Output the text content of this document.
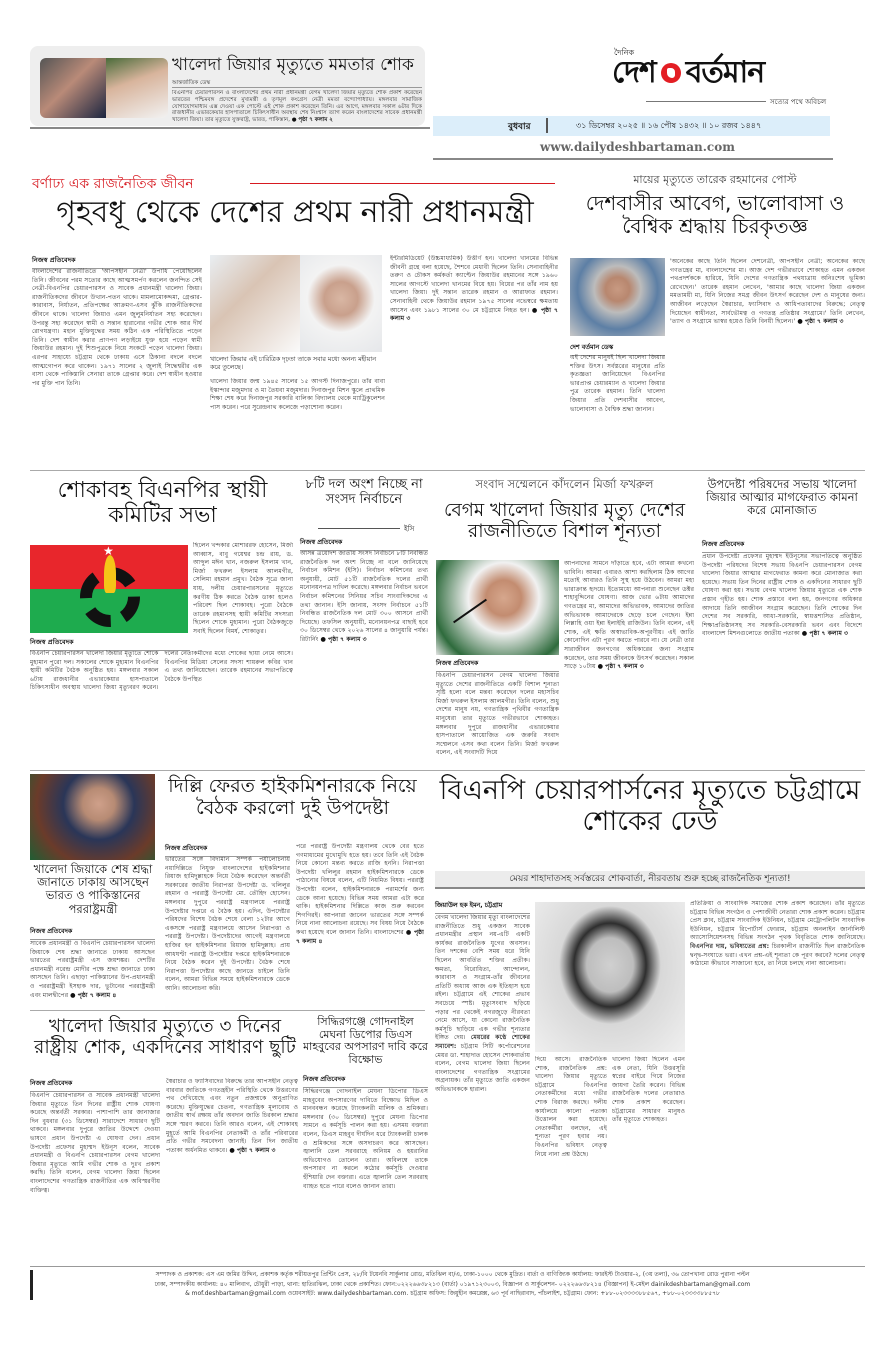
খালেদা জিয়ার মৃত্যুতে মমতার শোক
আন্তর্জাতিক ডেস্ক
বিএনপির চেয়ারপারসন ও বাংলাদেশের প্রথম নারী প্রধানমন্ত্রী বেগম খালেদা জিয়ার মৃত্যুতে শোক প্রকাশ করেছেন ভারতের পশ্চিমবঙ্গ প্রদেশের মুখ্যমন্ত্রী ও তৃণমূল কংগ্রেস নেত্রী মমতা বন্দ্যোপাধ্যায়। মঙ্গলবার সামাজিক যোগাযোগমাধ্যম এক্স দেওয়া এক পোস্টে এই শোক প্রকাশ করেছেন তিনি। এর আগে, মঙ্গলবার সকাল ৬টার দিকে রাজধানীর এভারকেয়ার হাসপাতালে চিকিৎসাধীন অবস্থায় শেষ নিঃশ্বাস ত্যাগ করেন বাংলাদেশের সাবেক প্রধানমন্ত্রী খালেদা জিয়া। তার মৃত্যুতে যুক্তরাষ্ট্র, ভারত, পাকিস্তান, ● পৃষ্ঠা ৭ কলাম ২
দৈনিক
দেশ বর্তমান
সত্যের পথে অবিচল
বুধবার	৩১ ডিসেম্বর ২০২৫ ॥ ১৬ পৌষ ১৪৩২ ॥ ১০ রজব ১৪৪৭
www.dailydeshbartaman.com
বর্ণাঢ্য এক রাজনৈতিক জীবন
গৃহবধূ থেকে দেশের প্রথম নারী প্রধানমন্ত্রী
নিজস্ব প্রতিবেদক
বাংলাদেশের রাজনীতিতে 'আপসহীন নেত্রী' উপাধি পেয়েছিলেন তিনি। জীবনের পরম সত্যের কাছে আত্মসমর্পণ করলেন জনন্দিত সেই নেত্রী-বিএনপির চেয়ারপারসন ও সাবেক প্রধানমন্ত্রী খালেদা জিয়া। রাজনীতিকদের জীবনে উত্থান-পতন থাকে। মামলামোকদ্দমা, গ্রেপ্তার-কারাবাস, নির্যাতন, প্রতিপক্ষের আক্রমণ-এসব ঝুঁকি রাজনীতিকদের জীবনে থাকে। খালেদা জিয়াও এমন জুলুমনির্যাতন সহ্য করেছেন। উপরন্তু সহ্য করেছেন স্বামী ও সন্তান হারানোর গভীর শোক আর দীর্ঘ রোগযন্ত্রণা। মহান মুক্তিযুদ্ধের সময় কঠিন এক পরিস্থিতিতে পড়েন তিনি। দেশ স্বাধীন করার প্রাণপণ লড়াইয়ে যুক্ত হয়ে পড়েন স্বামী জিয়াউর রহমান। দুই শিশুপুত্রকে নিয়ে সংকটে পড়েন খালেদা জিয়া। এরপর সাহায্যে চট্টগ্রাম থেকে ঢাকায় এসে ঠিকানা বদলে বদলে আত্মগোপন করে থাকেন। ১৯৭১ সালের ২ জুলাই সিদ্ধেশ্বরীর এক বাসা থেকে পাকিস্তানি সেনারা তাকে গ্রেপ্তার করে। দেশ স্বাধীন হওয়ার পর মুক্তি পান তিনি।
খালেদা জিয়ার এই চারিত্রিক দৃঢ়তা তাকে সবার মধ্যে অনন্য মহীয়ান করে তুলেছে।
খালেদা জিয়ার জন্ম ১৯৪৫ সালের ১৫ আগস্ট দিনাজপুরে। তাঁর বাবা ইস্কান্দার মজুমদার ও মা তৈয়বা মজুমদার। দিনাজপুর মিশন স্কুলে প্রাথমিক শিক্ষা শেষ করে দিনাজপুর সরকারি বালিকা বিদ্যালয় থেকে ম্যাট্রিকুলেশন পাস করেন। পরে সুরেন্দ্রনাথ কলেজে পড়াশোনা করেন।
ইন্টারমিডিয়েট (উচ্চমাধ্যমিক) উত্তীর্ণ হন। খালেদা খানমের বিভিন্ন জীবনী গ্রন্থে বলা হয়েছে, শৈশবে মেধাবী ছিলেন তিনি। সেনাবাহিনীর তরুণ ও চৌকস কর্মকর্তা ক্যাপ্টেন জিয়াউর রহমানের সঙ্গে ১৯৬০ সালের আগস্টে খালেদা খানমের বিয়ে হয়। বিয়ের পর তাঁর নাম হয় খালেদা জিয়া। দুই সন্তান তারেক রহমান ও আরাফাত রহমান। সেনাবাহিনী থেকে জিয়াউর রহমান ১৯৭৫ সালের নভেম্বরে ক্ষমতায় আসেন এবং ১৯৮১ সালের ৩০ মে চট্টগ্রামে নিহত হন। ● পৃষ্ঠা ৭ কলাম ৩
মায়ের মৃত্যুতে তারেক রহমানের পোস্ট
দেশবাসীর আবেগ, ভালোবাসা ও বৈশ্বিক শ্রদ্ধায় চিরকৃতজ্ঞ
দেশ বর্তমান ডেস্ক
এই দেশের মানুষই ছিল খালেদা জিয়ার শক্তির উৎস। সর্বস্তরের মানুষের প্রতি কৃতজ্ঞতা জানিয়েছেন বিএনপির ভারপ্রাপ্ত চেয়ারম্যান ও খালেদা জিয়ার পুত্র তারেক রহমান। তিনি খালেদা জিয়ার প্রতি দেশবাসীর আবেগ, ভালোবাসা ও বৈশ্বিক শ্রদ্ধা জানান।
'অনেকের কাছে তিনি ছিলেন দেশনেত্রী, আপসহীন নেত্রী; অনেকের কাছে গণতন্ত্রের মা, বাংলাদেশের মা। আজ দেশ গভীরভাবে শোকাহত এমন একজন পথপ্রদর্শককে হারিয়ে, যিনি দেশের গণতান্ত্রিক পথযাত্রায় অনিঃশেষ ভূমিকা রেখেছেন।' তারেক রহমান লেখেন, 'আমার কাছে খালেদা জিয়া একজন মমতাময়ী মা, যিনি নিজের সমগ্র জীবন উৎসর্গ করেছেন দেশ ও মানুষের জন্য। আজীবন লড়েছেন স্বৈরাচার, ফ্যাসিবাদ ও আধিপত্যবাদের বিরুদ্ধে; নেতৃত্ব দিয়েছেন স্বাধীনতা, সার্বভৌমত্ব ও গণতন্ত্র প্রতিষ্ঠার সংগ্রামে।' তিনি লেখেন, 'ত্যাগ ও সংগ্রামে ভাস্বর হয়েও তিনি বিনয়ী ছিলেন।' ● পৃষ্ঠা ৭ কলাম ৩
শোকাবহ বিএনপির স্থায়ী কমিটির সভা
★
নিজস্ব প্রতিবেদক
ছিলেন খন্দকার মোশাররফ হোসেন, মির্জা আব্বাস, বাবু গয়েশ্বর চন্দ্র রায়, ড. আব্দুল মঈন খান, নজরুল ইসলাম খান, মির্জা ফখরুল ইসলাম আলমগীর, সেলিমা রহমান প্রমুখ। বৈঠক সূত্রে জানা যায়, দলীয় চেয়ারপারসনের মৃত্যুতে করণীয় ঠিক করতে বৈঠক ডাকা হলেও পরিবেশ ছিল শোকাবহ। পুরো বৈঠকে তারেক রহমানসহ স্থায়ী কমিটির সদস্যরা ছিলেন শোকে মুহ্যমান। পুরো বৈঠকজুড়ে সবাই ছিলেন বিমর্ষ, শোকাতুর।
বিএনপি চেয়ারপারসন খালেদা জিয়ার মৃত্যুতে শোকে মুহ্যমান পুরো দল। সকালের শোকে মুহ্যমান বিএনপির স্থায়ী কমিটির বৈঠক অনুষ্ঠিত হয়। মঙ্গলবার সকাল ৬টায় রাজধানীর এভারকেয়ার হাসপাতালে চিকিৎসাধীন অবস্থায় খালেদা জিয়া মৃত্যুবরণ করেন। দলের নেতাকর্মীদের মধ্যে শোকের ছায়া নেমে আসে। বিএনপির মিডিয়া সেলের সদস্য শায়রুল কবির খান এ তথ্য জানিয়েছেন। তারেক রহমানের সভাপতিত্বে বৈঠকে উপস্থিত
৮টি দল অংশ নিচ্ছে না সংসদ নির্বাচনে
ইসি
নিজস্ব প্রতিবেদক
আসন্ন ত্রয়োদশ জাতীয় সংসদ নির্বাচনে ৮টি নিবন্ধিত রাজনৈতিক দল অংশ নিচ্ছে না বলে জানিয়েছে নির্বাচন কমিশন (ইসি)। নির্বাচন কমিশনের তথ্য অনুযায়ী, মোট ৫১টি রাজনৈতিক দলের প্রার্থী মনোনয়নপত্র দাখিল করেছে। মঙ্গলবার নির্বাচন ভবনে নির্বাচন কমিশনের সিনিয়র সচিব সাংবাদিকদের এ তথ্য জানান। ইসি জানায়, সংসদ নির্বাচনে ৫১টি নিবন্ধিত রাজনৈতিক দল মোট ৩০০ আসনে প্রার্থী দিয়েছে। তফসিল অনুযায়ী, মনোনয়নপত্র বাছাই হবে ৩০ ডিসেম্বর থেকে ২০২৬ সালের ৪ জানুয়ারি পর্যন্ত। রিটার্নিং ● পৃষ্ঠা ৭ কলাম ৩
সংবাদ সম্মেলনে কাঁদলেন মির্জা ফখরুল
বেগম খালেদা জিয়ার মৃত্যু দেশের রাজনীতিতে বিশাল শূন্যতা
নিজস্ব প্রতিবেদক
বিএনপি চেয়ারপারসন বেগম খালেদা জিয়ার মৃত্যুতে দেশের রাজনীতিতে একটি বিশাল শূন্যতা সৃষ্টি হলো বলে মন্তব্য করেছেন দলের মহাসচিব মির্জা ফখরুল ইসলাম আলমগীর। তিনি বলেন, শুধু দেশের মানুষ নয়, গণতান্ত্রিক পৃথিবীর গণতান্ত্রিক মানুষেরা তার মৃত্যুতে গভীরভাবে শোকাহত। মঙ্গলবার দুপুরে রাজধানীর এভারকেয়ার হাসপাতালে আয়োজিত এক জরুরি সংবাদ সম্মেলনে এসব কথা বলেন তিনি। মির্জা ফখরুল বলেন, এই সংবাদটি দিয়ে
আপনাদের সামনে দাঁড়াতে হবে, এটা আমরা কখনো ভাবিনি। আমরা এবারও আশা করছিলাম ঠিক আগের মতোই আবারও তিনি সুস্থ হয়ে উঠবেন। আমরা মহা ভারাক্রান্ত হৃদয়ে। ইতোমধ্যে আপনারা শুনেছেন ডক্টর শাহাবুদ্দিনের ঘোষণা। আজ ভোর ৬টায় আমাদের গণতন্ত্রের মা, আমাদের অভিভাবক, আমাদের জাতির অভিভাবক আমাদেরকে ছেড়ে চলে গেছেন। ইন্না লিল্লাহি ওয়া ইন্না ইলাইহি রাজিউন। তিনি বলেন, এই শোক, এই ক্ষতি অস্বাভাবিক-অপূরণীয়। এই জাতি কোনোদিন এটা পূরণ করতে পারবে না। যে নেত্রী তার সারাজীবন জনগণের অধিকারের জন্য সংগ্রাম করেছেন, তার সময় জীবনকে উৎসর্গ করেছেন। সকাল সাড়ে ১০টায় ● পৃষ্ঠা ৭ কলাম ৩
উপদেষ্টা পরিষদের সভায় খালেদা জিয়ার আত্মার মাগফেরাত কামনা করে মোনাজাত
নিজস্ব প্রতিবেদক
প্রধান উপদেষ্টা প্রফেসর মুহাম্মদ ইউনূসের সভাপতিত্বে অনুষ্ঠিত উপদেষ্টা পরিষদের বিশেষ সভায় বিএনপি চেয়ারপারসন বেগম খালেদা জিয়ার আত্মার মাগফেরাত কামনা করে মোনাজাত করা হয়েছে। সভায় তিন দিনের রাষ্ট্রীয় শোক ও একদিনের সাধারণ ছুটি ঘোষণা করা হয়। সভায় বেগম খালেদা জিয়ার মৃত্যুতে এক শোক প্রস্তাব গৃহীত হয়। শোক প্রস্তাবে বলা হয়, জনগণের অধিকার আদায়ে তিনি আজীবন সংগ্রাম করেছেন। তিনি শোকের দিন দেশের সব সরকারি, আধা-সরকারি, স্বায়ত্তশাসিত প্রতিষ্ঠান, শিক্ষাপ্রতিষ্ঠানসহ সব সরকারি-বেসরকারি ভবন এবং বিদেশে বাংলাদেশ মিশনগুলোতে জাতীয় পতাকা ● পৃষ্ঠা ৭ কলাম ৩
খালেদা জিয়াকে শেষ শ্রদ্ধা জানাতে ঢাকায় আসছেন ভারত ও পাকিস্তানের পররাষ্ট্রমন্ত্রী
নিজস্ব প্রতিবেদক
সাবেক প্রধানমন্ত্রী ও বিএনপি চেয়ারপারসন খালেদা জিয়াকে শেষ শ্রদ্ধা জানাতে ঢাকায় আসছেন ভারতের পররাষ্ট্রমন্ত্রী এস জয়শঙ্কর। দেশটির প্রধানমন্ত্রী নরেন্দ্র মোদীর পক্ষে শ্রদ্ধা জানাতে ঢাকা আসছেন তিনি। এছাড়া পাকিস্তানের উপ-প্রধানমন্ত্রী ও পররাষ্ট্রমন্ত্রী ইসহাক দার, ভুটানের পররাষ্ট্রমন্ত্রী এবং মালদ্বীপের ● পৃষ্ঠা ৭ কলাম ৪
দিল্লি ফেরত হাইকমিশনারকে নিয়ে বৈঠক করলো দুই উপদেষ্টা
নিজস্ব প্রতিবেদক
ভারতের সঙ্গে বিদ্যমান সম্পর্ক পর্যালোচনায় নয়াদিল্লিতে নিযুক্ত বাংলাদেশের হাইকমিশনার রিয়াজ হামিদুল্লাহকে নিয়ে বৈঠক করেছেন অন্তর্বর্তী সরকারের জাতীয় নিরাপত্তা উপদেষ্টা ড. খলিলুর রহমান ও পররাষ্ট্র উপদেষ্টা মো. তৌহিদ হোসেন। মঙ্গলবার দুপুরে পররাষ্ট্র মন্ত্রণালয়ে পররাষ্ট্র উপদেষ্টার দপ্তরে এ বৈঠক হয়। এদিন, উপদেষ্টার পরিষদের বিশেষ বৈঠক শেষে বেলা ১২টার আগে একসঙ্গে পররাষ্ট্র মন্ত্রণালয়ে আসেন নিরাপত্তা ও পররাষ্ট্র উপদেষ্টা। উপদেষ্টাদের আগেই মন্ত্রণালয়ে হাজির হন হাইকমিশনার রিয়াজ হামিদুল্লাহ। প্রায় আধঘণ্টা পররাষ্ট্র উপদেষ্টার দপ্তরে হাইকমিশনারকে নিয়ে বৈঠক করেন দুই উপদেষ্টা। বৈঠক শেষে নিরাপত্তা উপদেষ্টার কাছে জানতে চাইলে তিনি বলেন, আমরা বিভিন্ন সময়ে হাইকমিশনারকে ডেকে আনি। আলোচনা করি।
পরে পররাষ্ট্র উপদেষ্টা মন্ত্রণালয় থেকে বের হতে গণমাধ্যমের মুখোমুখি হতে হয়। তবে তিনি এই বৈঠক নিয়ে কোনো মন্তব্য করতে রাজি হননি। নিরাপত্তা উপদেষ্টা খলিলুর রহমান হাইকমিশনারকে ডেকে পাঠানোর বিষয়ে বলেন, এটি নিয়মিত বিষয়। পররাষ্ট্র উপদেষ্টা বলেন, হাইকমিশনারকে পরামর্শের জন্য ডেকে আনা হয়েছে। বিভিন্ন সময় আমরা এটা করে থাকি। হাইকমিশনার দিল্লিতে কাজ শুরু করবেন শিগগিরই। আপনারা জানেন ভারতের সঙ্গে সম্পর্ক নিয়ে নানা আলোচনা রয়েছে। সব বিষয় নিয়ে বৈঠকে কথা হয়েছে বলে জানান তিনি। বাংলাদেশের ● পৃষ্ঠা ৭ কলাম ৪
বিএনপি চেয়ারপার্সনের মৃত্যুতে চট্টগ্রামে শোকের ঢেউ
মেয়র শাহাদাতসহ সর্বস্তরের শোকবার্তা, নীরবতায় শুরু হচ্ছে রাজনৈতিক শূন্যতা!
জিয়াউল হক ইমন, চট্টগ্রাম
বেগম খালেদা জিয়ার মৃত্যু বাংলাদেশের রাজনীতিতে শুধু একজন সাবেক প্রধানমন্ত্রীর প্রস্থান নয়-এটি একটি কার্যকর রাজনৈতিক যুগের অবসান। তিন দশকের বেশি সময় ধরে যিনি ছিলেন আবর্তিত শক্তির প্রতীক। ক্ষমতা, বিরোধিতা, আন্দোলন, কারাবাস ও সংগ্রাম-তাঁর জীবনের প্রতিটি অধ্যায় আজ এক ইতিহাস হয়ে রইল। চট্টগ্রামে এই শোকের প্রভাব সবচেয়ে স্পষ্ট। মৃত্যুসংবাদ ছড়িয়ে পড়ার পর থেকেই নগরজুড়ে নীরবতা নেমে আসে, যা কোনো রাজনৈতিক কর্মসূচি ছাড়িয়ে এক গভীর শূন্যতার ইঙ্গিত দেয়। মেয়রের কণ্ঠে শোকের সমাবেশ: চট্টগ্রাম সিটি কর্পোরেশনের মেয়র ডা. শাহাদাত হোসেন শোকবার্তায় বলেন, বেগম খালেদা জিয়া ছিলেন বাংলাদেশের গণতান্ত্রিক সংগ্রামের অগ্রনায়ক। তাঁর মৃত্যুতে জাতি একজন অভিভাবককে হারাল।
দিয়ে আসে। রাজনৈতিক শোক, রাজনৈতিক প্রশ্ন: খালেদা জিয়ার মৃত্যুতে চট্টগ্রামে বিএনপির নেতাকর্মীদের মধ্যে গভীর শোক বিরাজ করছে। দলীয় কার্যালয়ে কালো পতাকা উত্তোলন করা হয়েছে। নেতাকর্মীরা বলছেন, এই শূন্যতা পূরণ হবার নয়। বিএনপির ভবিষ্যৎ নেতৃত্ব নিয়ে নানা প্রশ্ন উঠছে।
খালেদা জিয়া ছিলেন এমন এক নেতা, যিনি উত্তরসূরি স্বপ্নের বাইরে গিয়ে নিজের জায়গা তৈরি করেন। বিভিন্ন রাজনৈতিক দলের নেতারাও শোক প্রকাশ করেছেন। চট্টগ্রামের সাধারণ মানুষও তাঁর মৃত্যুতে শোকাহত।
প্রতিক্রিয়া ও সাংবাদিক সমাজের শোক প্রকাশ করেছেন। তাঁর মৃত্যুতে চট্টগ্রাম বিভিন্ন সংগঠন ও পেশাজীবী নেতারা শোক প্রকাশ করেন। চট্টগ্রাম প্রেস ক্লাব, চট্টগ্রাম সাংবাদিক ইউনিয়ন, চট্টগ্রাম মেট্রোপলিটন সাংবাদিক ইউনিয়ন, চট্টগ্রাম রিপোর্টার্স ফোরাম, চট্টগ্রাম অনলাইন জার্নালিস্ট অ্যাসোসিয়েশনসহ বিভিন্ন সংগঠন পৃথক বিবৃতিতে শোক জানিয়েছে। বিএনপির দায়, ভবিষ্যতের প্রশ্ন: চিরকালীন রাজনীতি ছিল রাজনৈতিক দ্বন্দ্ব-সংঘাতে ভরা। এখন প্রশ্ন-এই শূন্যতা কে পূরণ করবে? দলের নেতৃত্ব কাঠামো কীভাবে সাজানো হবে, তা নিয়ে চলছে নানা আলোচনা।
খালেদা জিয়ার মৃত্যুতে ৩ দিনের রাষ্ট্রীয় শোক, একদিনের সাধারণ ছুটি
নিজস্ব প্রতিবেদক
বিএনপি চেয়ারপারসন ও সাবেক প্রধানমন্ত্রী খালেদা জিয়ার মৃত্যুতে তিন দিনের রাষ্ট্রীয় শোক ঘোষণা করেছে অন্তর্বর্তী সরকার। পাশাপাশি তার জানাজার দিন বুধবার (৩১ ডিসেম্বর) সারাদেশে সাধারণ ছুটি থাকবে। মঙ্গলবার দুপুরে জাতির উদ্দেশে দেওয়া ভাষণে প্রধান উপদেষ্টা এ ঘোষণা দেন। প্রধান উপদেষ্টা প্রফেসর মুহাম্মদ ইউনূস বলেন, সাবেক প্রধানমন্ত্রী ও বিএনপি চেয়ারপারসন বেগম খালেদা জিয়ার মৃত্যুতে আমি গভীর শোক ও দুঃখ প্রকাশ করছি। তিনি বলেন, বেগম খালেদা জিয়া ছিলেন বাংলাদেশের গণতান্ত্রিক রাজনীতির এক অবিস্মরণীয় ব্যক্তিত্ব।
স্বৈরাচার ও ফ্যাসিবাদের বিরুদ্ধে তার আপসহীন নেতৃত্ব বারবার জাতিকে গণতন্ত্রহীন পরিস্থিতি থেকে উত্তরণের পথ দেখিয়েছে এবং নতুন প্রজন্মকে অনুপ্রাণিত করেছে। মুক্তিযুদ্ধের চেতনা, গণতান্ত্রিক মূল্যবোধ ও জাতীয় স্বার্থ রক্ষায় তাঁর অবদান জাতি চিরকাল শ্রদ্ধার সঙ্গে স্মরণ করবে। তিনি আরও বলেন, এই শোকাবহ মুহূর্তে আমি বিএনপির নেতাকর্মী ও তাঁর পরিবারের প্রতি গভীর সমবেদনা জানাই। তিন দিন জাতীয় পতাকা অর্ধনমিত থাকবে। ● পৃষ্ঠা ৭ কলাম ৩
সিদ্ধিরগঞ্জে গোদনাইল মেঘনা ডিপোর ডিএস মাহবুবের অপসারণ দাবি করে বিক্ষোভ
নিজস্ব প্রতিবেদক
সিদ্ধিরগঞ্জে গোদনাইল মেঘনা ডিপোর ডিএস মাহবুবের অপসারণের দাবিতে বিক্ষোভ মিছিল ও মানববন্ধন করেছে ট্যাংকলরী মালিক ও শ্রমিকরা। মঙ্গলবার (৩০ ডিসেম্বর) দুপুরে মেঘনা ডিপোর সামনে এ কর্মসূচি পালন করা হয়। এসময় বক্তারা বলেন, ডিএস মাহবুব দীর্ঘদিন ধরে ট্যাংকলরী চালক ও শ্রমিকদের সঙ্গে অসদাচরণ করে আসছেন। জ্বালানি তেল সরবরাহে অনিয়ম ও হয়রানির অভিযোগও তোলেন তারা। অবিলম্বে তাকে অপসারণ না করলে কঠোর কর্মসূচি দেওয়ার হুঁশিয়ারি দেন বক্তারা। এতে জ্বালানি তেল সরবরাহ ব্যাহত হতে পারে বলেও জানান তারা।
সম্পাদক ও প্রকাশক: এস এম জমির উদ্দিন, প্রকাশক কর্তৃক শরীয়তপুর প্রিন্টিং প্রেস, ২৮/বি টয়েনবি সার্কুলার রোড, মতিঝিল বা/এ, ঢাকা-১০০০ থেকে মুদ্রিত। বার্তা ও বাণিজ্যিক কার্যালয়: ফারইস্ট টাওয়ার-২, (৩য় তলা), ৩৬ তোপখানা রোড পুরানা পল্টন
ঢাকা, সম্পাদকীয় কার্যালয়: ৪০ মালিবাগ, চৌধুরী পাড়া, থানা: হাতিরঝিল, ঢাকা থেকে প্রকাশিত। ফোন:০২২২৬৬৩৮২১৩ (বার্তা) ০১৯৭১২৩০০৩, বিজ্ঞাপন ও সার্কুলেশন- ০২২২৬৬৩৮২১৪ (বিজ্ঞাপন) ই-মেইল dainikdeshbartaman@gmail.com
& mof.deshbartaman@gmail.com ওয়েবসাইট: www.dailydeshbartaman.com. চট্টগ্রাম অফিস: জিয়ুহীন কমপ্লেক্স, ৬৩ পূর্ব নাছিরাবাদ, পাঁচলাইশ, চট্টগ্রাম। ফোন: +৮৮-০২৩৩৩৩৮৮৫৬৭, +৮৮-০২৩৩৩৩৮৮৫৭৮
